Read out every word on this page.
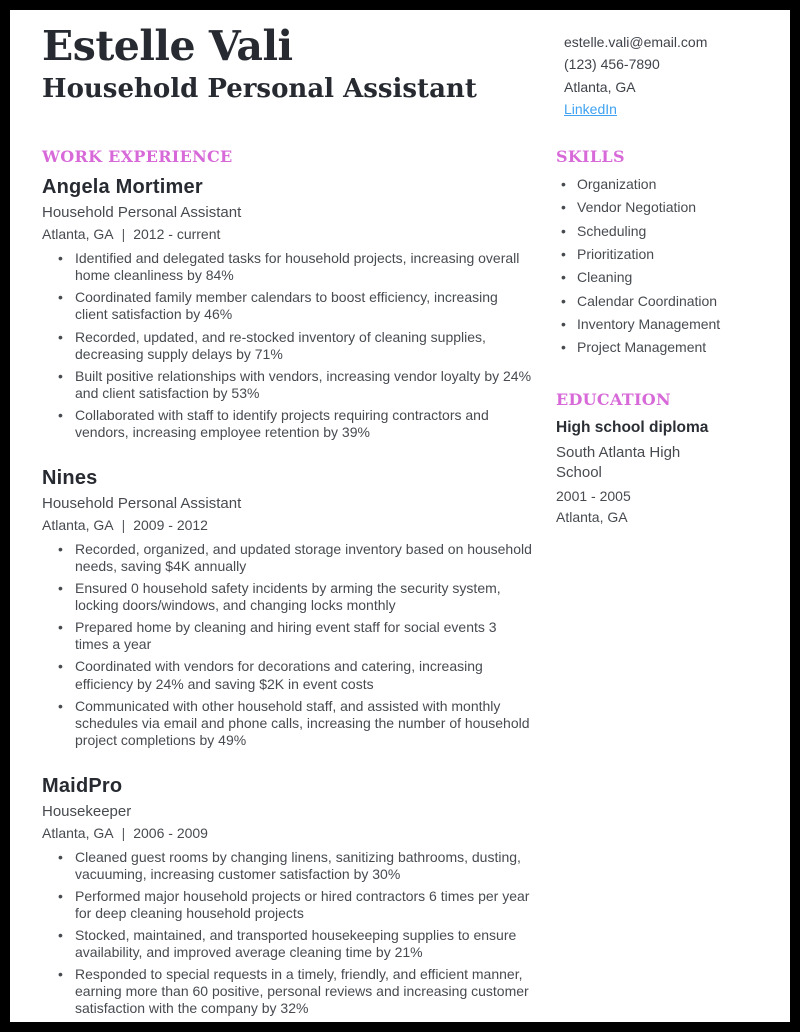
Estelle Vali
Household Personal Assistant
estelle.vali@email.com
(123) 456-7890
Atlanta, GA
LinkedIn
WORK EXPERIENCE
Angela Mortimer
Household Personal Assistant
Atlanta, GA | 2012 - current
• Identified and delegated tasks for household projects, increasing overall home cleanliness by 84%
• Coordinated family member calendars to boost efficiency, increasing client satisfaction by 46%
• Recorded, updated, and re-stocked inventory of cleaning supplies, decreasing supply delays by 71%
• Built positive relationships with vendors, increasing vendor loyalty by 24% and client satisfaction by 53%
• Collaborated with staff to identify projects requiring contractors and vendors, increasing employee retention by 39%
Nines
Household Personal Assistant
Atlanta, GA | 2009 - 2012
• Recorded, organized, and updated storage inventory based on household needs, saving $4K annually
• Ensured 0 household safety incidents by arming the security system, locking doors/windows, and changing locks monthly
• Prepared home by cleaning and hiring event staff for social events 3 times a year
• Coordinated with vendors for decorations and catering, increasing efficiency by 24% and saving $2K in event costs
• Communicated with other household staff, and assisted with monthly schedules via email and phone calls, increasing the number of household project completions by 49%
MaidPro
Housekeeper
Atlanta, GA | 2006 - 2009
• Cleaned guest rooms by changing linens, sanitizing bathrooms, dusting, vacuuming, increasing customer satisfaction by 30%
• Performed major household projects or hired contractors 6 times per year for deep cleaning household projects
• Stocked, maintained, and transported housekeeping supplies to ensure availability, and improved average cleaning time by 21%
• Responded to special requests in a timely, friendly, and efficient manner, earning more than 60 positive, personal reviews and increasing customer satisfaction with the company by 32%
SKILLS
• Organization
• Vendor Negotiation
• Scheduling
• Prioritization
• Cleaning
• Calendar Coordination
• Inventory Management
• Project Management
EDUCATION
High school diploma
South Atlanta High School
2001 - 2005
Atlanta, GA
